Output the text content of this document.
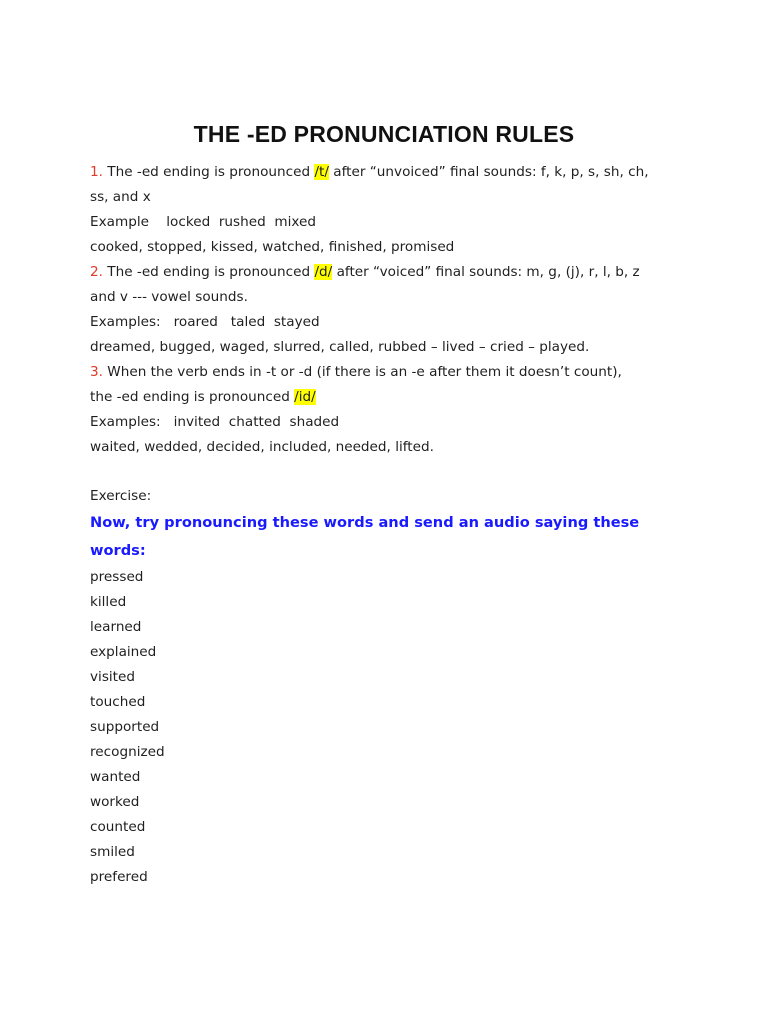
THE -ED PRONUNCIATION RULES
1. The -ed ending is pronounced /t/ after “unvoiced” final sounds: f, k, p, s, sh, ch,
ss, and x
Example    locked  rushed  mixed
cooked, stopped, kissed, watched, finished, promised
2. The -ed ending is pronounced /d/ after “voiced” final sounds: m, g, (j), r, l, b, z
and v --- vowel sounds.
Examples:   roared   taled  stayed
dreamed, bugged, waged, slurred, called, rubbed – lived – cried – played.
3. When the verb ends in -t or -d (if there is an -e after them it doesn’t count),
the -ed ending is pronounced /id/
Examples:   invited  chatted  shaded
waited, wedded, decided, included, needed, lifted.
Exercise:
Now, try pronouncing these words and send an audio saying these
words:
pressed
killed
learned
explained
visited
touched
supported
recognized
wanted
worked
counted
smiled
prefered
